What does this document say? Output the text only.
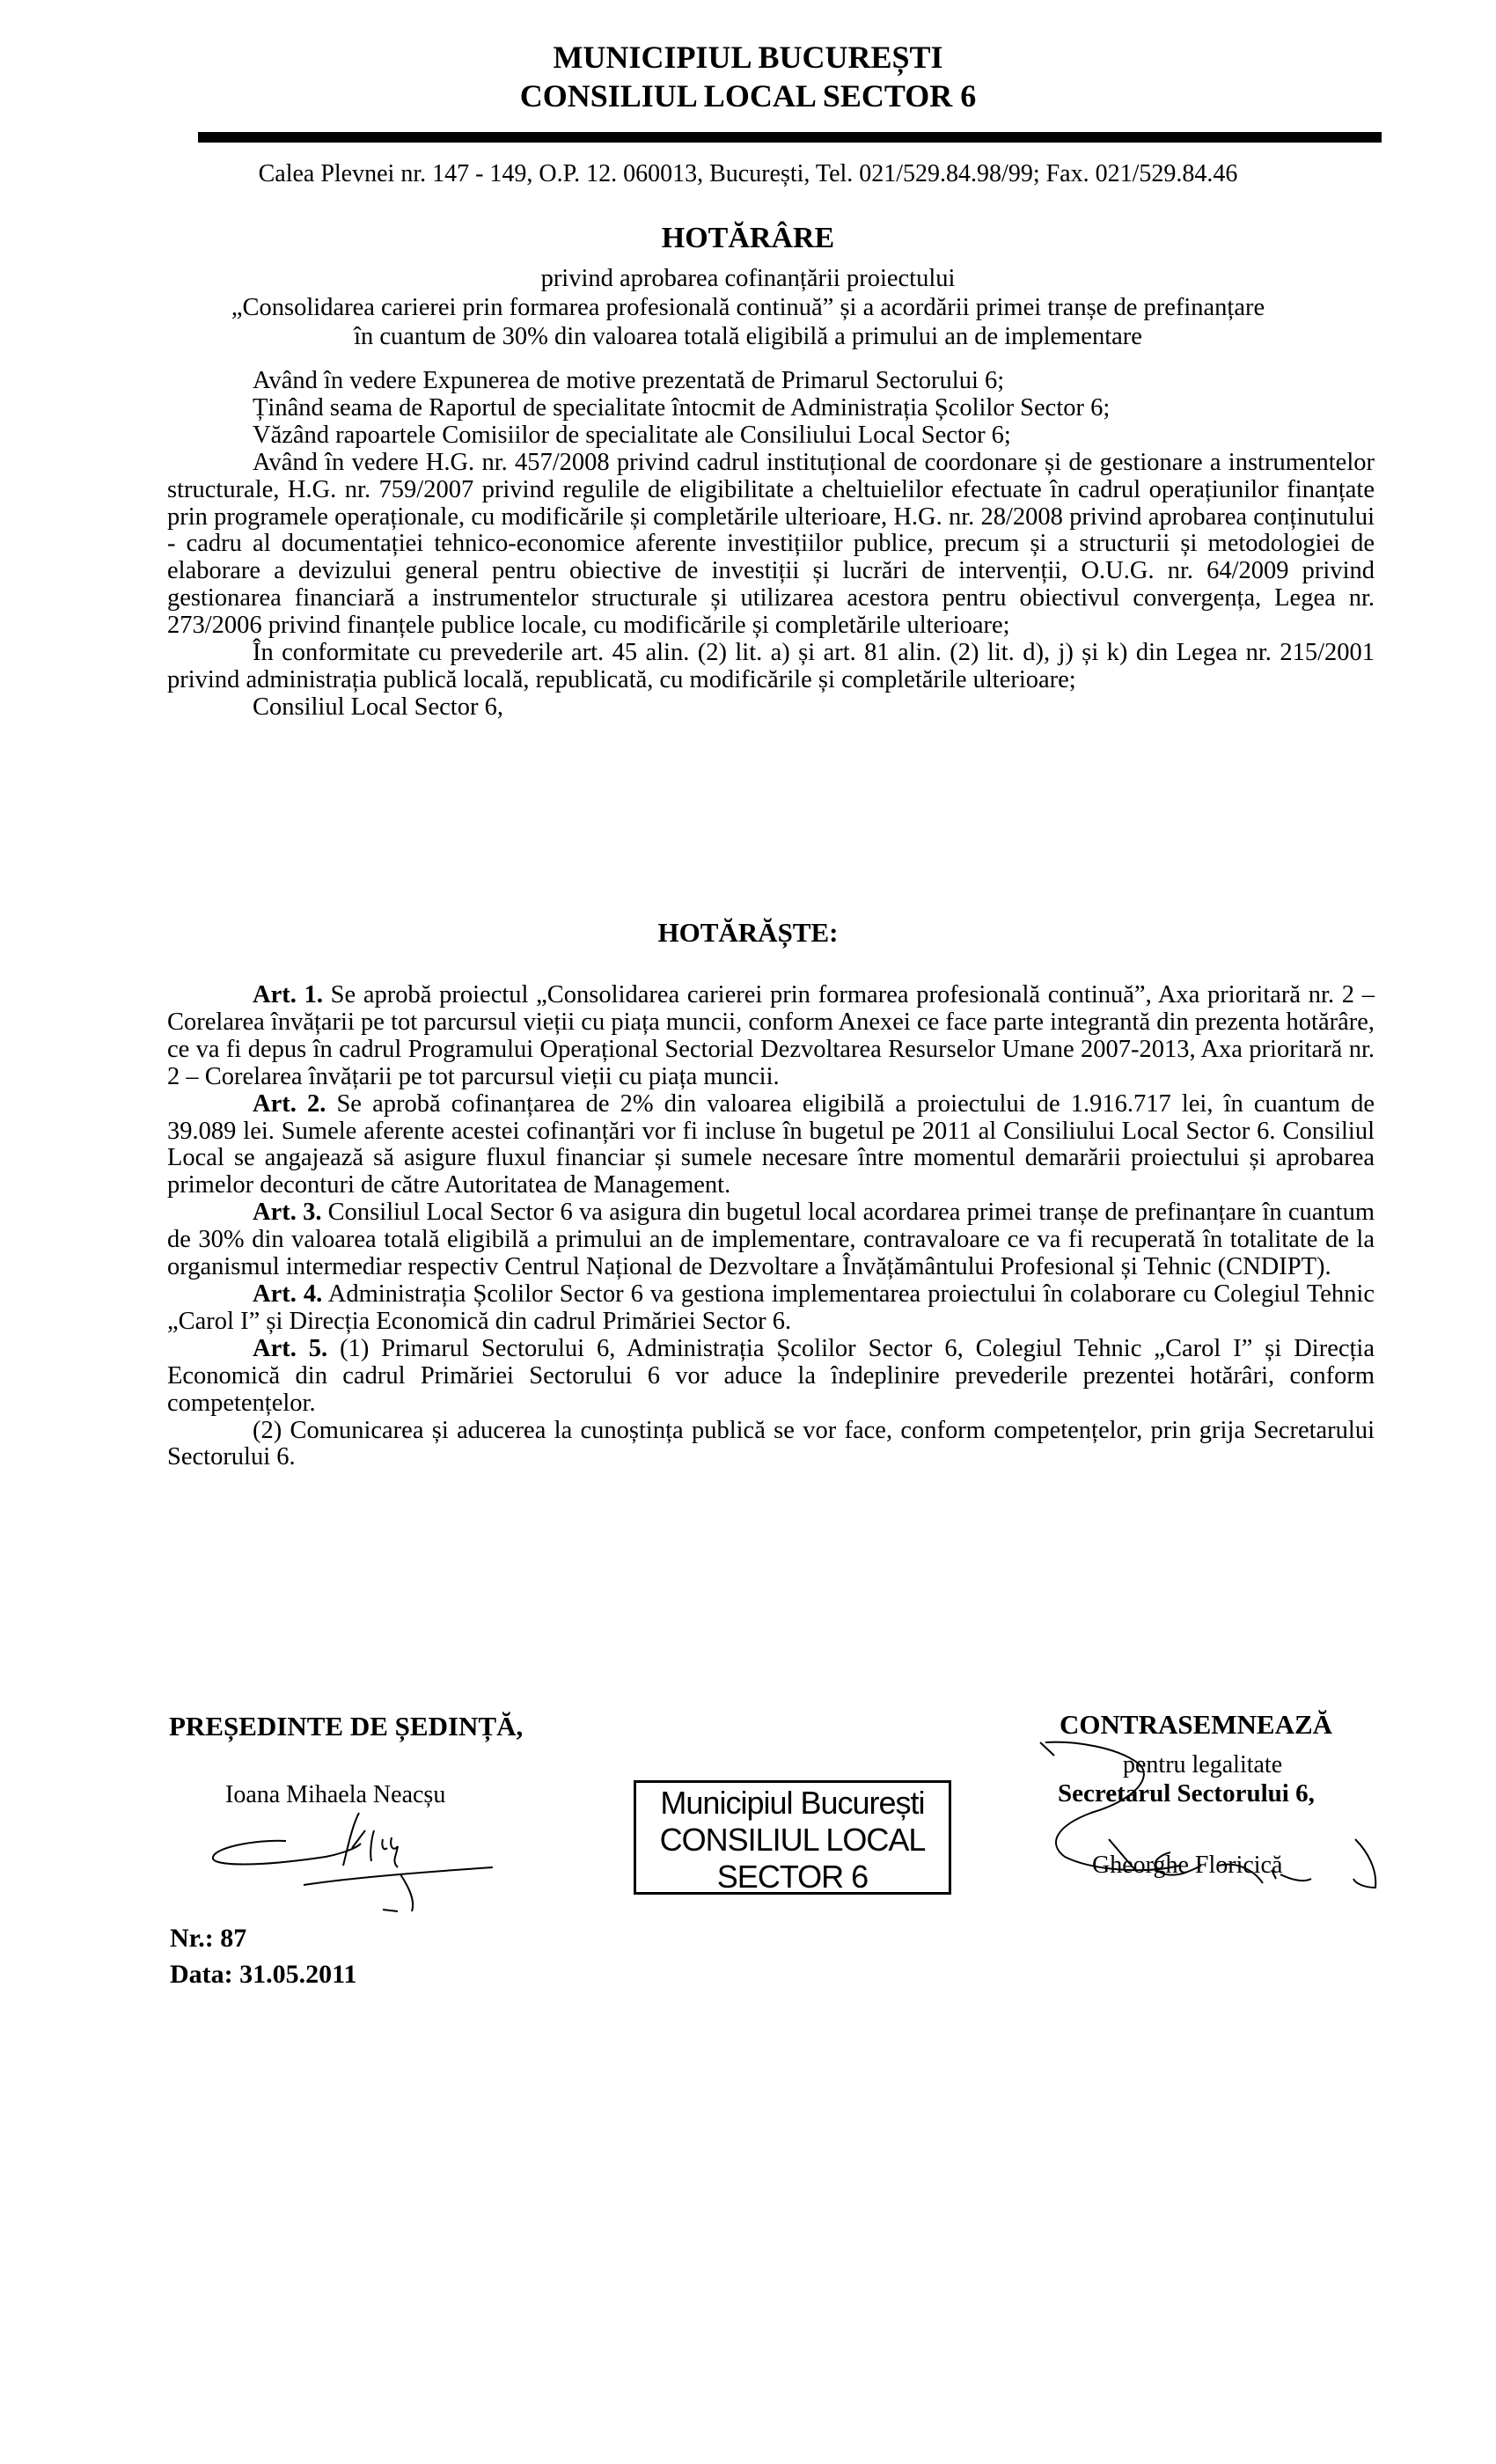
MUNICIPIUL BUCUREȘTI
CONSILIUL LOCAL SECTOR 6
Calea Plevnei nr. 147 - 149, O.P. 12. 060013, București, Tel. 021/529.84.98/99; Fax. 021/529.84.46
HOTĂRÂRE
privind aprobarea cofinanțării proiectului
„Consolidarea carierei prin formarea profesională continuă” și a acordării primei tranșe de prefinanțare
în cuantum de 30% din valoarea totală eligibilă a primului an de implementare

Având în vedere Expunerea de motive prezentată de Primarul Sectorului 6;

Ținând seama de Raportul de specialitate întocmit de Administrația Școlilor Sector 6;

Văzând rapoartele Comisiilor de specialitate ale Consiliului Local Sector 6;

Având în vedere H.G. nr. 457/2008 privind cadrul instituțional de coordonare și de gestionare a instrumentelor structurale, H.G. nr. 759/2007 privind regulile de eligibilitate a cheltuielilor efectuate în cadrul operațiunilor finanțate prin programele operaționale, cu modificările și completările ulterioare, H.G. nr. 28/2008 privind aprobarea conținutului - cadru al documentației tehnico-economice aferente investițiilor publice, precum și a structurii și metodologiei de elaborare a devizului general pentru obiective de investiții și lucrări de intervenții, O.U.G. nr. 64/2009 privind gestionarea financiară a instrumentelor structurale și utilizarea acestora pentru obiectivul convergența, Legea nr. 273/2006 privind finanțele publice locale, cu modificările și completările ulterioare;

În conformitate cu prevederile art. 45 alin. (2) lit. a) și art. 81 alin. (2) lit. d), j) și k) din Legea nr. 215/2001 privind administrația publică locală, republicată, cu modificările și completările ulterioare;

Consiliul Local Sector 6,

HOTĂRĂȘTE:

Art. 1. Se aprobă proiectul „Consolidarea carierei prin formarea profesională continuă”, Axa prioritară nr. 2 – Corelarea învățarii pe tot parcursul vieții cu piața muncii, conform Anexei ce face parte integrantă din prezenta hotărâre, ce va fi depus în cadrul Programului Operațional Sectorial Dezvoltarea Resurselor Umane 2007-2013, Axa prioritară nr. 2 – Corelarea învățarii pe tot parcursul vieții cu piața muncii.

Art. 2. Se aprobă cofinanțarea de 2% din valoarea eligibilă a proiectului de 1.916.717 lei, în cuantum de 39.089 lei. Sumele aferente acestei cofinanțări vor fi incluse în bugetul pe 2011 al Consiliului Local Sector 6. Consiliul Local se angajează să asigure fluxul financiar și sumele necesare între momentul demarării proiectului și aprobarea primelor deconturi de către Autoritatea de Management.

Art. 3. Consiliul Local Sector 6 va asigura din bugetul local acordarea primei tranșe de prefinanțare în cuantum de 30% din valoarea totală eligibilă a primului an de implementare, contravaloare ce va fi recuperată în totalitate de la organismul intermediar respectiv Centrul Național de Dezvoltare a Învățământului Profesional și Tehnic (CNDIPT).

Art. 4. Administrația Școlilor Sector 6 va gestiona implementarea proiectului în colaborare cu Colegiul Tehnic „Carol I” și Direcția Economică din cadrul Primăriei Sector 6.

Art. 5. (1) Primarul Sectorului 6, Administrația Școlilor Sector 6, Colegiul Tehnic „Carol I” și Direcția Economică din cadrul Primăriei Sectorului 6 vor aduce la îndeplinire prevederile prezentei hotărâri, conform competențelor.

(2) Comunicarea și aducerea la cunoștința publică se vor face, conform competențelor, prin grija Secretarului Sectorului 6.

PREȘEDINTE DE ȘEDINȚĂ,
Ioana Mihaela Neacșu	Municipiul București
CONSILIUL LOCAL
SECTOR 6
CONTRASEMNEAZĂ
pentru legalitate
Secretarul Sectorului 6,
Gheorghe Floricică
Nr.: 87
Data: 31.05.2011
